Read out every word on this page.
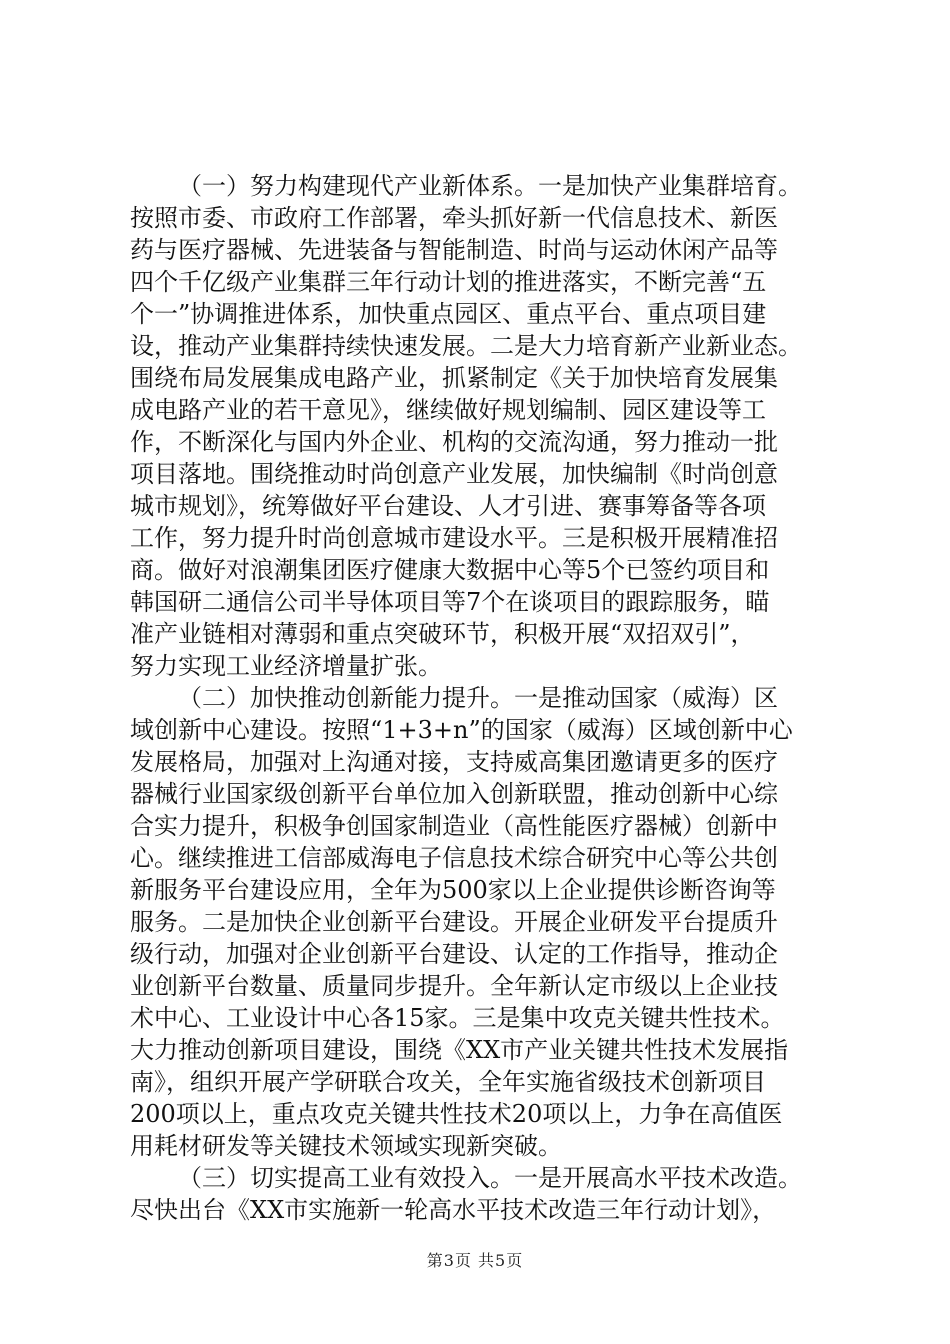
（一）努力构建现代产业新体系。一是加快产业集群培育。
按照市委、市政府工作部署，牵头抓好新一代信息技术、新医
药与医疗器械、先进装备与智能制造、时尚与运动休闲产品等
四个千亿级产业集群三年行动计划的推进落实，不断完善“五
个一”协调推进体系，加快重点园区、重点平台、重点项目建
设，推动产业集群持续快速发展。二是大力培育新产业新业态。
围绕布局发展集成电路产业，抓紧制定《关于加快培育发展集
成电路产业的若干意见》，继续做好规划编制、园区建设等工
作，不断深化与国内外企业、机构的交流沟通，努力推动一批
项目落地。围绕推动时尚创意产业发展，加快编制《时尚创意
城市规划》，统筹做好平台建设、人才引进、赛事筹备等各项
工作，努力提升时尚创意城市建设水平。三是积极开展精准招
商。做好对浪潮集团医疗健康大数据中心等5个已签约项目和
韩国研二通信公司半导体项目等7个在谈项目的跟踪服务，瞄
准产业链相对薄弱和重点突破环节，积极开展“双招双引”，
努力实现工业经济增量扩张。
（二）加快推动创新能力提升。一是推动国家（威海）区
域创新中心建设。按照“1+3+n”的国家（威海）区域创新中心
发展格局，加强对上沟通对接，支持威高集团邀请更多的医疗
器械行业国家级创新平台单位加入创新联盟，推动创新中心综
合实力提升，积极争创国家制造业（高性能医疗器械）创新中
心。继续推进工信部威海电子信息技术综合研究中心等公共创
新服务平台建设应用，全年为500家以上企业提供诊断咨询等
服务。二是加快企业创新平台建设。开展企业研发平台提质升
级行动，加强对企业创新平台建设、认定的工作指导，推动企
业创新平台数量、质量同步提升。全年新认定市级以上企业技
术中心、工业设计中心各15家。三是集中攻克关键共性技术。
大力推动创新项目建设，围绕《XX市产业关键共性技术发展指
南》，组织开展产学研联合攻关，全年实施省级技术创新项目
200项以上，重点攻克关键共性技术20项以上，力争在高值医
用耗材研发等关键技术领域实现新突破。
（三）切实提高工业有效投入。一是开展高水平技术改造。
尽快出台《XX市实施新一轮高水平技术改造三年行动计划》，
第3页 共5页
